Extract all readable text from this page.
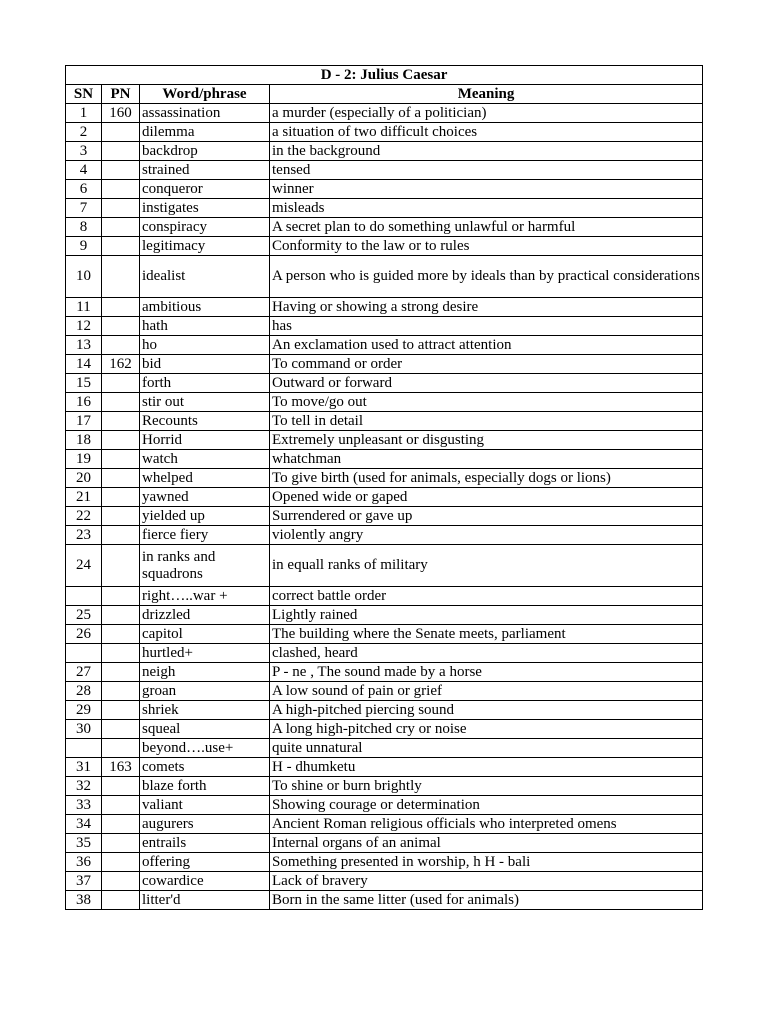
D - 2: Julius Caesar			
SN	PN	Word/phrase	Meaning
1	160	assassination	a murder (especially of a politician)
2		dilemma	a situation of two difficult choices
3		backdrop	in the background
4		strained	tensed
6		conqueror	winner
7		instigates	misleads
8		conspiracy	A secret plan to do something unlawful or harmful
9		legitimacy	Conformity to the law or to rules
10		idealist	A person who is guided more by ideals than by practical considerations
11		ambitious	Having or showing a strong desire
12		hath	has
13		ho	An exclamation used to attract attention
14	162	bid	To command or order
15		forth	Outward or forward
16		stir out	To move/go out
17		Recounts	To tell in detail
18		Horrid	Extremely unpleasant or disgusting
19		watch	whatchman
20		whelped	To give birth (used for animals, especially dogs or lions)
21		yawned	Opened wide or gaped
22		yielded up	Surrendered or gave up
23		fierce fiery	violently angry
24		in ranks and squadrons	in equall ranks of military
		right…..war +	correct battle order
25		drizzled	Lightly rained
26		capitol	The building where the Senate meets, parliament
		hurtled+	clashed, heard
27		neigh	P - ne , The sound made by a horse
28		groan	A low sound of pain or grief
29		shriek	A high-pitched piercing sound
30		squeal	A long high-pitched cry or noise
		beyond….use+	quite unnatural
31	163	comets	H - dhumketu
32		blaze forth	To shine or burn brightly
33		valiant	Showing courage or determination
34		augurers	Ancient Roman religious officials who interpreted omens
35		entrails	Internal organs of an animal
36		offering	Something presented in worship, h H - bali
37		cowardice	Lack of bravery
38		litter'd	Born in the same litter (used for animals)
